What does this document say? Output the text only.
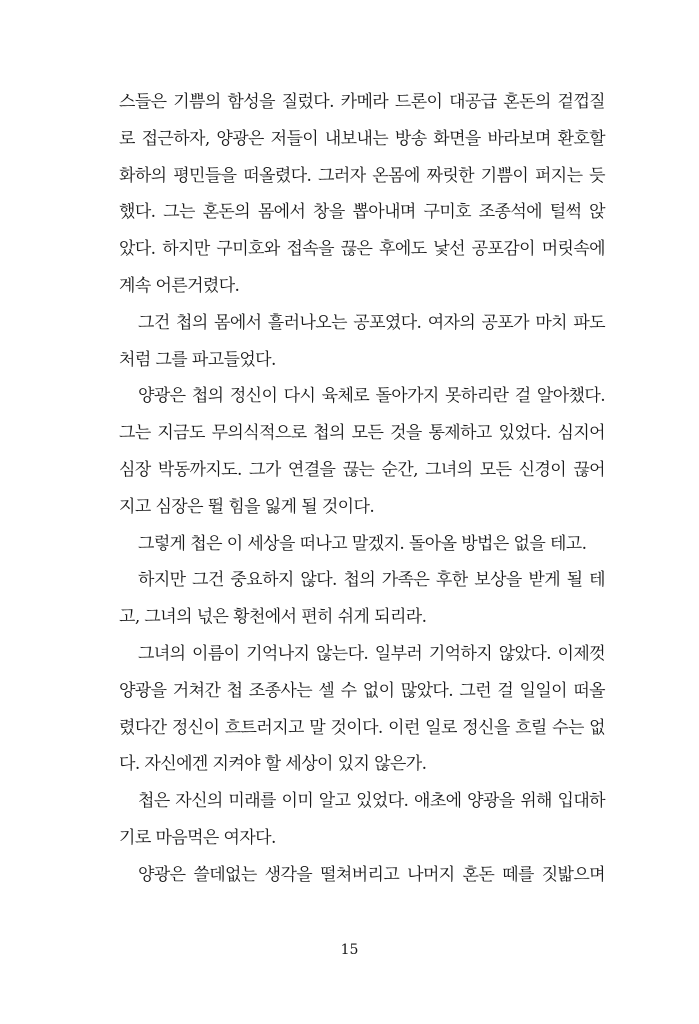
스들은 기쁨의 함성을 질렀다. 카메라 드론이 대공급 혼돈의 겉껍질
로 접근하자, 양광은 저들이 내보내는 방송 화면을 바라보며 환호할
화하의 평민들을 떠올렸다. 그러자 온몸에 짜릿한 기쁨이 퍼지는 듯
했다. 그는 혼돈의 몸에서 창을 뽑아내며 구미호 조종석에 털썩 앉
았다. 하지만 구미호와 접속을 끊은 후에도 낯선 공포감이 머릿속에
계속 어른거렸다.
그건 첩의 몸에서 흘러나오는 공포였다. 여자의 공포가 마치 파도
처럼 그를 파고들었다.
양광은 첩의 정신이 다시 육체로 돌아가지 못하리란 걸 알아챘다.
그는 지금도 무의식적으로 첩의 모든 것을 통제하고 있었다. 심지어
심장 박동까지도. 그가 연결을 끊는 순간, 그녀의 모든 신경이 끊어
지고 심장은 뛸 힘을 잃게 될 것이다.
그렇게 첩은 이 세상을 떠나고 말겠지. 돌아올 방법은 없을 테고.
하지만 그건 중요하지 않다. 첩의 가족은 후한 보상을 받게 될 테
고, 그녀의 넋은 황천에서 편히 쉬게 되리라.
그녀의 이름이 기억나지 않는다. 일부러 기억하지 않았다. 이제껏
양광을 거쳐간 첩 조종사는 셀 수 없이 많았다. 그런 걸 일일이 떠올
렸다간 정신이 흐트러지고 말 것이다. 이런 일로 정신을 흐릴 수는 없
다. 자신에겐 지켜야 할 세상이 있지 않은가.
첩은 자신의 미래를 이미 알고 있었다. 애초에 양광을 위해 입대하
기로 마음먹은 여자다.
양광은 쓸데없는 생각을 떨쳐버리고 나머지 혼돈 떼를 짓밟으며
15
